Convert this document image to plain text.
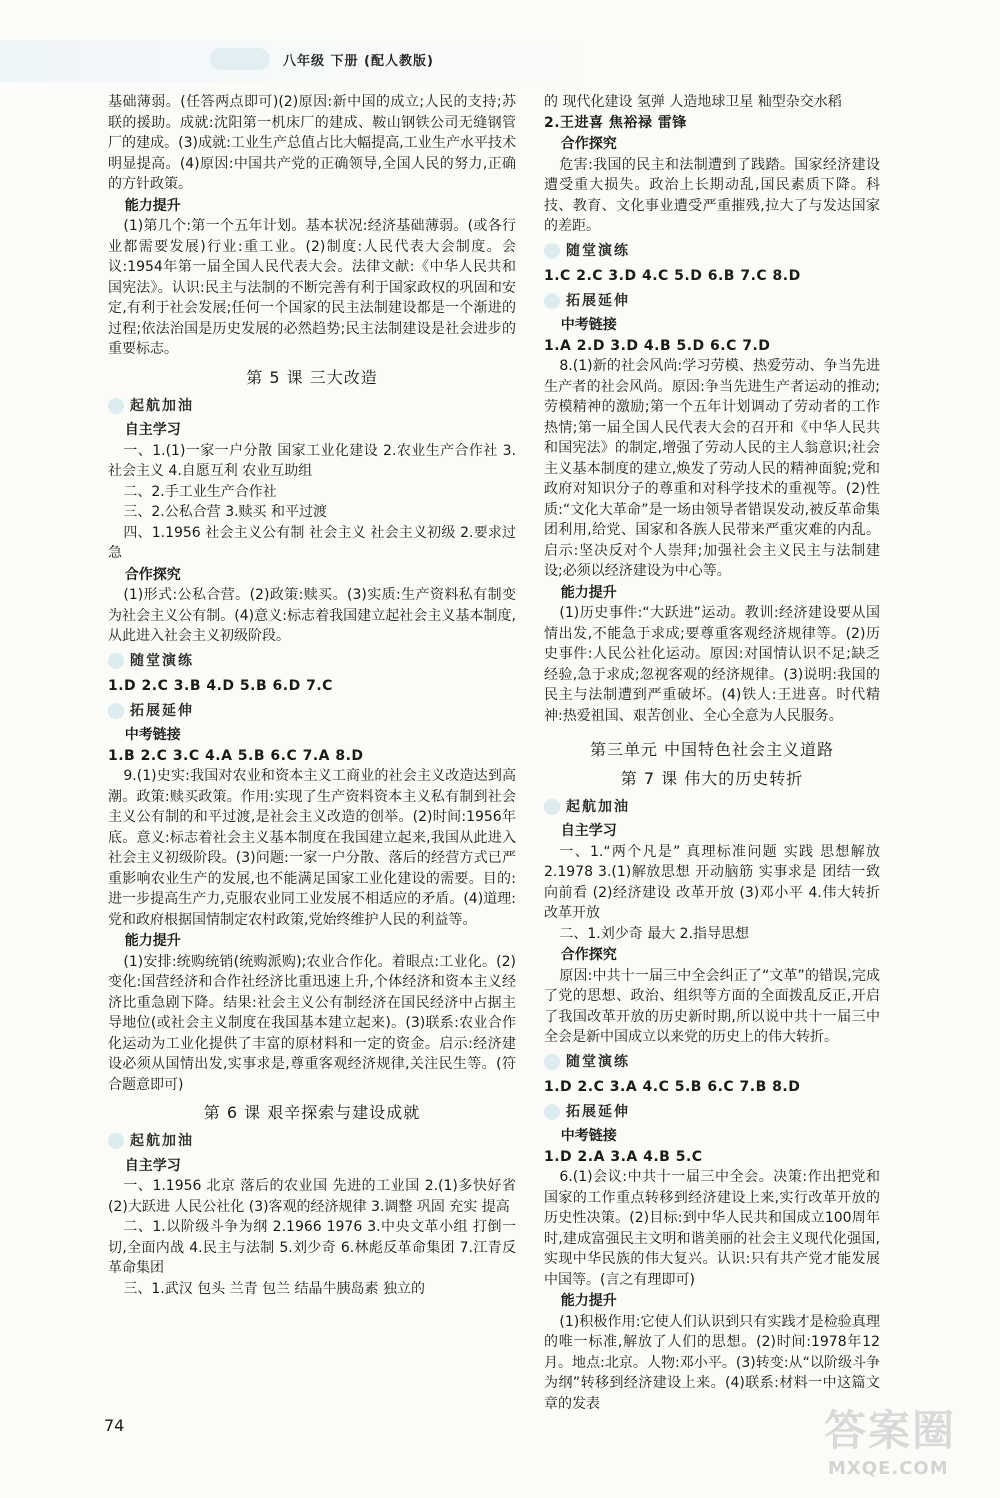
八年级 下册 (配人教版)
基础薄弱。(任答两点即可)(2)原因:新中国的成立;人民的支持;苏联的援助。成就:沈阳第一机床厂的建成、鞍山钢铁公司无缝钢管厂的建成。(3)成就:工业生产总值占比大幅提高,工业生产水平技术明显提高。(4)原因:中国共产党的正确领导,全国人民的努力,正确的方针政策。
能力提升
(1)第几个:第一个五年计划。基本状况:经济基础薄弱。(或各行业都需要发展)行业:重工业。(2)制度:人民代表大会制度。会议:1954年第一届全国人民代表大会。法律文献:《中华人民共和国宪法》。认识:民主与法制的不断完善有利于国家政权的巩固和安定,有利于社会发展;任何一个国家的民主法制建设都是一个渐进的过程;依法治国是历史发展的必然趋势;民主法制建设是社会进步的重要标志。
第 5 课 三大改造
起航加油
自主学习
一、1.(1)一家一户分散 国家工业化建设 2.农业生产合作社 3.社会主义 4.自愿互利 农业互助组
二、2.手工业生产合作社
三、2.公私合营 3.赎买 和平过渡
四、1.1956 社会主义公有制 社会主义 社会主义初级 2.要求过急
合作探究
(1)形式:公私合营。(2)政策:赎买。(3)实质:生产资料私有制变为社会主义公有制。(4)意义:标志着我国建立起社会主义基本制度,从此进入社会主义初级阶段。
随堂演练
1.D 2.C 3.B 4.D 5.B 6.D 7.C
拓展延伸
中考链接
1.B 2.C 3.C 4.A 5.B 6.C 7.A 8.D
9.(1)史实:我国对农业和资本主义工商业的社会主义改造达到高潮。政策:赎买政策。作用:实现了生产资料资本主义私有制到社会主义公有制的和平过渡,是社会主义改造的创举。(2)时间:1956年底。意义:标志着社会主义基本制度在我国建立起来,我国从此进入社会主义初级阶段。(3)问题:一家一户分散、落后的经营方式已严重影响农业生产的发展,也不能满足国家工业化建设的需要。目的:进一步提高生产力,克服农业同工业发展不相适应的矛盾。(4)道理:党和政府根据国情制定农村政策,党始终维护人民的利益等。
能力提升
(1)安排:统购统销(统购派购);农业合作化。着眼点:工业化。(2)变化:国营经济和合作社经济比重迅速上升,个体经济和资本主义经济比重急剧下降。结果:社会主义公有制经济在国民经济中占据主导地位(或社会主义制度在我国基本建立起来)。(3)联系:农业合作化运动为工业化提供了丰富的原材料和一定的资金。启示:经济建设必须从国情出发,实事求是,尊重客观经济规律,关注民生等。(符合题意即可)
第 6 课 艰辛探索与建设成就
起航加油
自主学习
一、1.1956 北京 落后的农业国 先进的工业国 2.(1)多快好省 (2)大跃进 人民公社化 (3)客观的经济规律 3.调整 巩固 充实 提高
二、1.以阶级斗争为纲 2.1966 1976 3.中央文革小组 打倒一切,全面内战 4.民主与法制 5.刘少奇 6.林彪反革命集团 7.江青反革命集团
三、1.武汉 包头 兰青 包兰 结晶牛胰岛素 独立的
的 现代化建设 氢弹 人造地球卫星 籼型杂交水稻
2.王进喜 焦裕禄 雷锋
合作探究
危害:我国的民主和法制遭到了践踏。国家经济建设遭受重大损失。政治上长期动乱,国民素质下降。科技、教育、文化事业遭受严重摧残,拉大了与发达国家的差距。
随堂演练
1.C 2.C 3.D 4.C 5.D 6.B 7.C 8.D
拓展延伸
中考链接
1.A 2.D 3.D 4.B 5.D 6.C 7.D
8.(1)新的社会风尚:学习劳模、热爱劳动、争当先进生产者的社会风尚。原因:争当先进生产者运动的推动;劳模精神的激励;第一个五年计划调动了劳动者的工作热情;第一届全国人民代表大会的召开和《中华人民共和国宪法》的制定,增强了劳动人民的主人翁意识;社会主义基本制度的建立,焕发了劳动人民的精神面貌;党和政府对知识分子的尊重和对科学技术的重视等。(2)性质:“文化大革命”是一场由领导者错误发动,被反革命集团利用,给党、国家和各族人民带来严重灾难的内乱。启示:坚决反对个人崇拜;加强社会主义民主与法制建设;必须以经济建设为中心等。
能力提升
(1)历史事件:“大跃进”运动。教训:经济建设要从国情出发,不能急于求成;要尊重客观经济规律等。(2)历史事件:人民公社化运动。原因:对国情认识不足;缺乏经验,急于求成;忽视客观的经济规律。(3)说明:我国的民主与法制遭到严重破坏。(4)铁人:王进喜。时代精神:热爱祖国、艰苦创业、全心全意为人民服务。
第三单元 中国特色社会主义道路
第 7 课 伟大的历史转折
起航加油
自主学习
一、1.“两个凡是” 真理标准问题 实践 思想解放 2.1978 3.(1)解放思想 开动脑筋 实事求是 团结一致向前看 (2)经济建设 改革开放 (3)邓小平 4.伟大转折 改革开放
二、1.刘少奇 最大 2.指导思想
合作探究
原因:中共十一届三中全会纠正了“文革”的错误,完成了党的思想、政治、组织等方面的全面拨乱反正,开启了我国改革开放的历史新时期,所以说中共十一届三中全会是新中国成立以来党的历史上的伟大转折。
随堂演练
1.D 2.C 3.A 4.C 5.B 6.C 7.B 8.D
拓展延伸
中考链接
1.D 2.A 3.A 4.B 5.C
6.(1)会议:中共十一届三中全会。决策:作出把党和国家的工作重点转移到经济建设上来,实行改革开放的历史性决策。(2)目标:到中华人民共和国成立100周年时,建成富强民主文明和谐美丽的社会主义现代化强国,实现中华民族的伟大复兴。认识:只有共产党才能发展中国等。(言之有理即可)
能力提升
(1)积极作用:它使人们认识到只有实践才是检验真理的唯一标准,解放了人们的思想。(2)时间:1978年12月。地点:北京。人物:邓小平。(3)转变:从“以阶级斗争为纲”转移到经济建设上来。(4)联系:材料一中这篇文章的发表
74	答案圈
MXQE.COM
